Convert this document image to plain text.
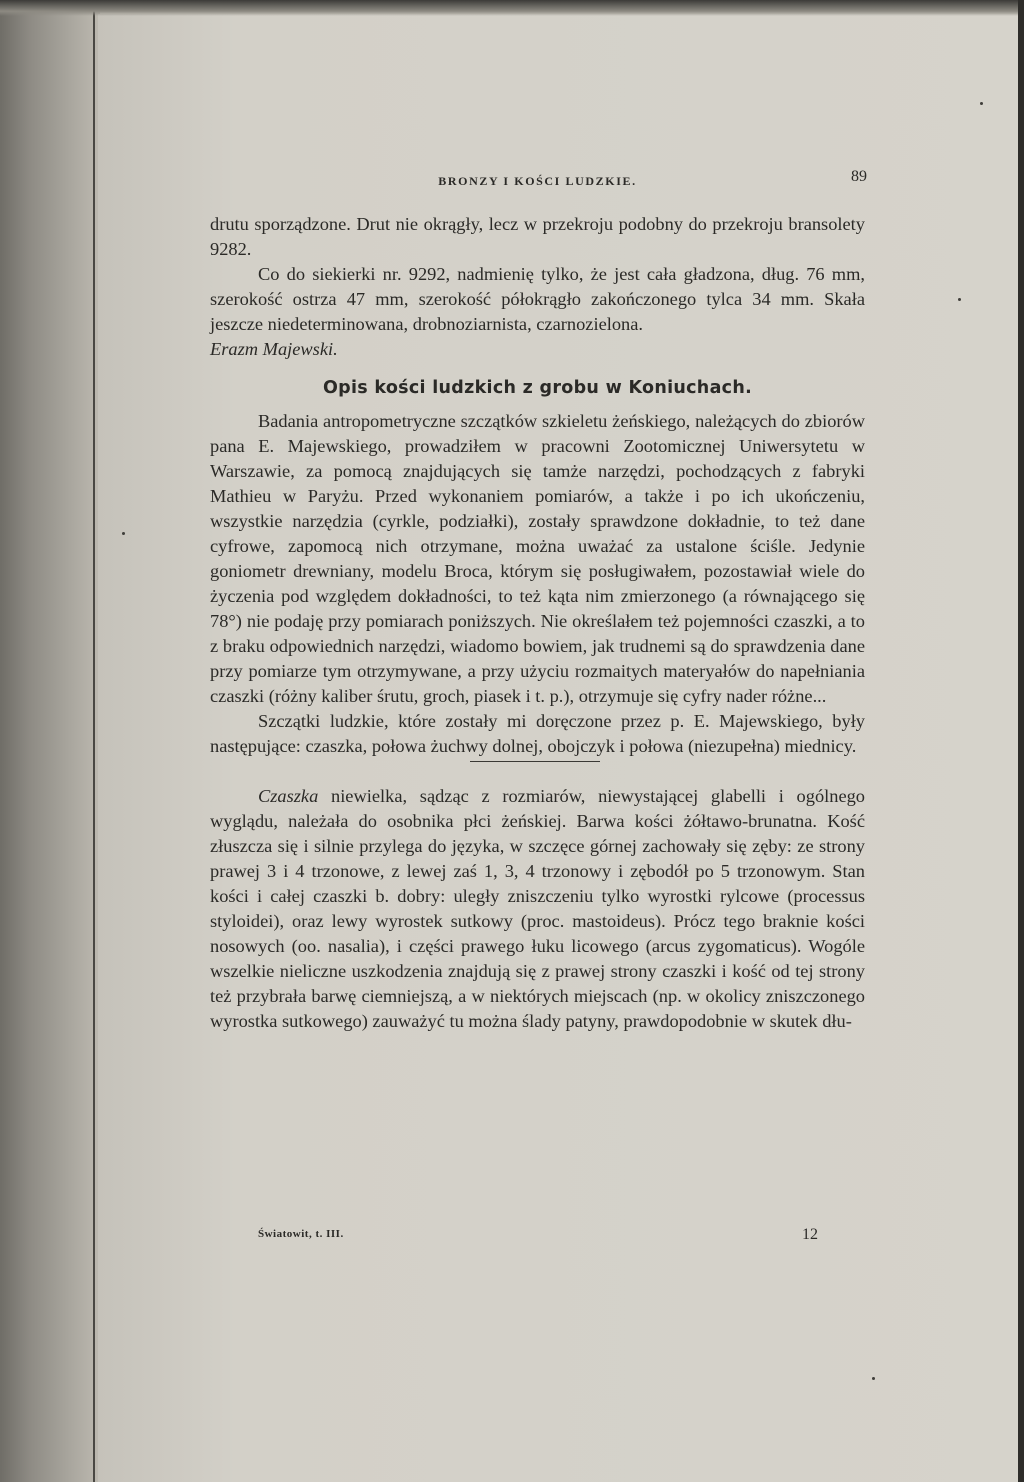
BRONZY I KOŚCI LUDZKIE.	89

drutu sporządzone. Drut nie okrągły, lecz w przekroju podobny do przekroju bransolety 9282.

Co do siekierki nr. 9292, nadmienię tylko, że jest cała gładzona, dług. 76 mm, szerokość ostrza 47 mm, szerokość półokrągło zakończonego tylca 34 mm. Skała jeszcze niedeterminowana, drobnoziarnista, czarnozielona.

Erazm Majewski.

Opis kości ludzkich z grobu w Koniuchach.

Badania antropometryczne szczątków szkieletu żeńskiego, należących do zbiorów pana E. Majewskiego, prowadziłem w pracowni Zootomicznej Uniwersytetu w Warszawie, za pomocą znajdujących się tamże narzędzi, pochodzących z fabryki Mathieu w Paryżu. Przed wykonaniem pomiarów, a także i po ich ukończeniu, wszystkie narzędzia (cyrkle, podziałki), zostały sprawdzone dokładnie, to też dane cyfrowe, zapomocą nich otrzymane, można uważać za ustalone ściśle. Jedynie goniometr drewniany, modelu Broca, którym się posługiwałem, pozostawiał wiele do życzenia pod względem dokładności, to też kąta nim zmierzonego (a równającego się 78°) nie podaję przy pomiarach poniższych. Nie określałem też pojemności czaszki, a to z braku odpowiednich narzędzi, wiadomo bowiem, jak trudnemi są do sprawdzenia dane przy pomiarze tym otrzymywane, a przy użyciu rozmaitych materyałów do napełniania czaszki (różny kaliber śrutu, groch, piasek i t. p.), otrzymuje się cyfry nader różne...

Szczątki ludzkie, które zostały mi doręczone przez p. E. Majewskiego, były następujące: czaszka, połowa żuchwy dolnej, obojczyk i połowa (niezupełna) miednicy.

Czaszka niewielka, sądząc z rozmiarów, niewystającej glabelli i ogólnego wyglądu, należała do osobnika płci żeńskiej. Barwa kości żółtawo-brunatna. Kość złuszcza się i silnie przylega do języka, w szczęce górnej zachowały się zęby: ze strony prawej 3 i 4 trzonowe, z lewej zaś 1, 3, 4 trzonowy i zębodół po 5 trzonowym. Stan kości i całej czaszki b. dobry: uległy zniszczeniu tylko wyrostki rylcowe (processus styloidei), oraz lewy wyrostek sutkowy (proc. mastoideus). Prócz tego braknie kości nosowych (oo. nasalia), i części prawego łuku licowego (arcus zygomaticus). Wogóle wszelkie nieliczne uszkodzenia znajdują się z prawej strony czaszki i kość od tej strony też przybrała barwę ciemniejszą, a w niektórych miejscach (np. w okolicy zniszczonego wyrostka sutkowego) zauważyć tu można ślady patyny, prawdopodobnie w skutek dłu-

Światowit, t. III.	12
